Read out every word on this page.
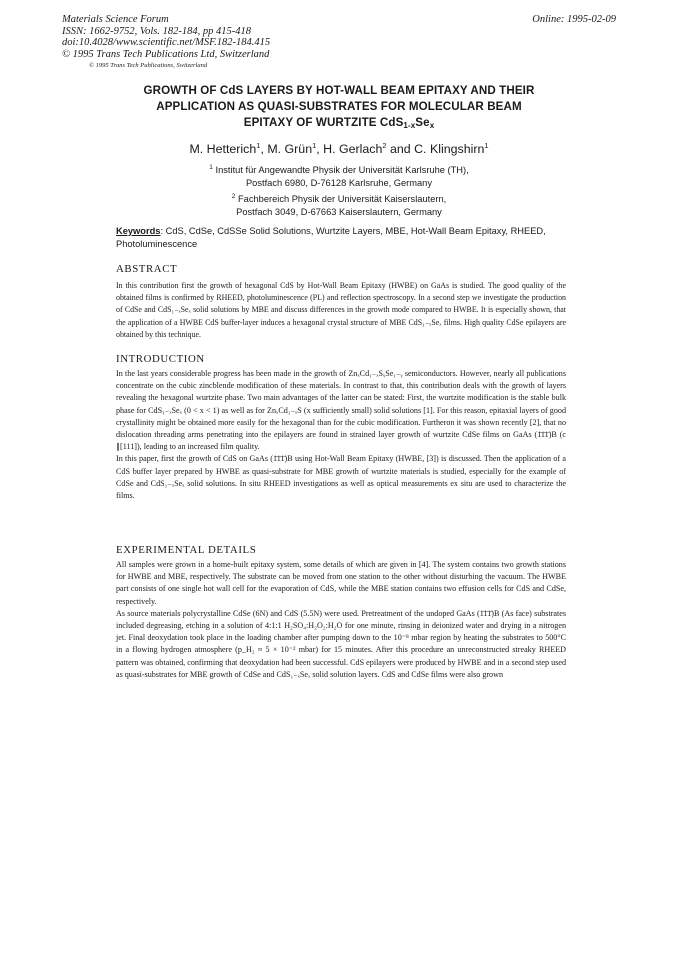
Materials Science Forum
ISSN: 1662-9752, Vols. 182-184, pp 415-418
doi:10.4028/www.scientific.net/MSF.182-184.415
© 1995 Trans Tech Publications Ltd, Switzerland
Online: 1995-02-09
© 1995 Trans Tech Publications, Switzerland
GROWTH OF CdS LAYERS BY HOT-WALL BEAM EPITAXY AND THEIR
APPLICATION AS QUASI-SUBSTRATES FOR MOLECULAR BEAM
EPITAXY OF WURTZITE $CdS_{1-x}Se_x$
M. Hetterich$^1$, M. Grün$^1$, H. Gerlach$^2$ and C. Klingshirn$^1$
$^1$ Institut für Angewandte Physik der Universität Karlsruhe (TH),
Postfach 6980, D-76128 Karlsruhe, Germany
$^2$ Fachbereich Physik der Universität Kaiserslautern,
Postfach 3049, D-67663 Kaiserslautern, Germany
Keywords: CdS, CdSe, CdSSe Solid Solutions, Wurtzite Layers, MBE, Hot-Wall Beam Epitaxy, RHEED, Photoluminescence
ABSTRACT

In this contribution first the growth of hexagonal CdS by Hot-Wall Beam Epitaxy (HWBE) on GaAs is studied. The good quality of the obtained films is confirmed by RHEED, photoluminescence (PL) and reflection spectroscopy. In a second step we investigate the production of CdSe and CdS₁₋ₓSeₓ solid solutions by MBE and discuss differences in the growth mode compared to HWBE. It is especially shown, that the application of a HWBE CdS buffer-layer induces a hexagonal crystal structure of MBE CdS₁₋ₓSeₓ films. High quality CdSe epilayers are obtained by this technique.

INTRODUCTION

In the last years considerable progress has been made in the growth of ZnₓCd₁₋ₓSᵧSe₁₋ᵧ semiconductors. However, nearly all publications concentrate on the cubic zincblende modification of these materials. In contrast to that, this contribution deals with the growth of layers revealing the hexagonal wurtzite phase. Two main advantages of the latter can be stated: First, the wurtzite modification is the stable bulk phase for CdS₁₋ₓSeₓ (0 < x < 1) as well as for ZnₓCd₁₋ₓS (x sufficiently small) solid solutions [1]. For this reason, epitaxial layers of good crystallinity might be obtained more easily for the hexagonal than for the cubic modification. Furtheron it was shown recently [2], that no dislocation threading arms penetrating into the epilayers are found in strained layer growth of wurtzite CdSe films on GaAs (1̄1̄1̄)B (c ∥[111]), leading to an increased film quality.

In this paper, first the growth of CdS on GaAs (1̄1̄1̄)B using Hot-Wall Beam Epitaxy (HWBE, [3]) is discussed. Then the application of a CdS buffer layer prepared by HWBE as quasi-substrate for MBE growth of wurtzite materials is studied, especially for the example of CdSe and CdS₁₋ₓSeₓ solid solutions. In situ RHEED investigations as well as optical measurements ex situ are used to characterize the films.

EXPERIMENTAL DETAILS

All samples were grown in a home-built epitaxy system, some details of which are given in [4]. The system contains two growth stations for HWBE and MBE, respectively. The substrate can be moved from one station to the other without disturbing the vacuum. The HWBE part consists of one single hot wall cell for the evaporation of CdS, while the MBE station contains two effusion cells for CdS and CdSe, respectively.

As source materials polycrystalline CdSe (6N) and CdS (5.5N) were used. Pretreatment of the undoped GaAs (1̄1̄1̄)B (As face) substrates included degreasing, etching in a solution of 4:1:1 H₂SO₄:H₂O₂:H₂O for one minute, rinsing in deionized water and drying in a nitrogen jet. Final deoxydation took place in the loading chamber after pumping down to the 10⁻⁸ mbar region by heating the substrates to 500°C in a flowing hydrogen atmosphere (p_H₂ ≈ 5 × 10⁻² mbar) for 15 minutes. After this procedure an unreconstructed streaky RHEED pattern was obtained, confirming that deoxydation had been successful. CdS epilayers were produced by HWBE and in a second step used as quasi-substrates for MBE growth of CdSe and CdS₁₋ₓSeₓ solid solution layers. CdS and CdSe films were also grown
